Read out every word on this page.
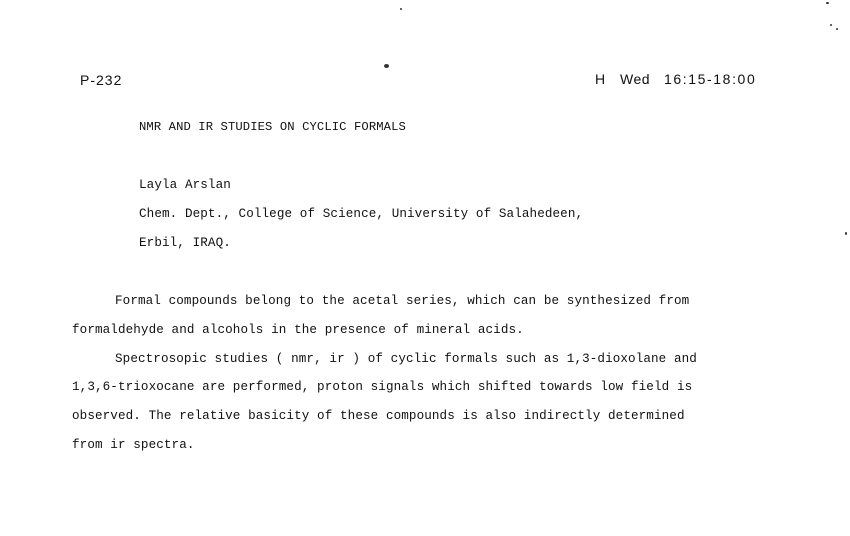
P-232	H Wed 16:15-18:00
NMR AND IR STUDIES ON CYCLIC FORMALS
Layla Arslan
Chem. Dept., College of Science, University of Salahedeen,
Erbil, IRAQ.
Formal compounds belong to the acetal series, which can be synthesized from
formaldehyde and alcohols in the presence of mineral acids.
Spectrosopic studies ( nmr, ir ) of cyclic formals such as 1,3-dioxolane and
1,3,6-trioxocane are performed, proton signals which shifted towards low field is
observed. The relative basicity of these compounds is also indirectly determined
from ir spectra.
